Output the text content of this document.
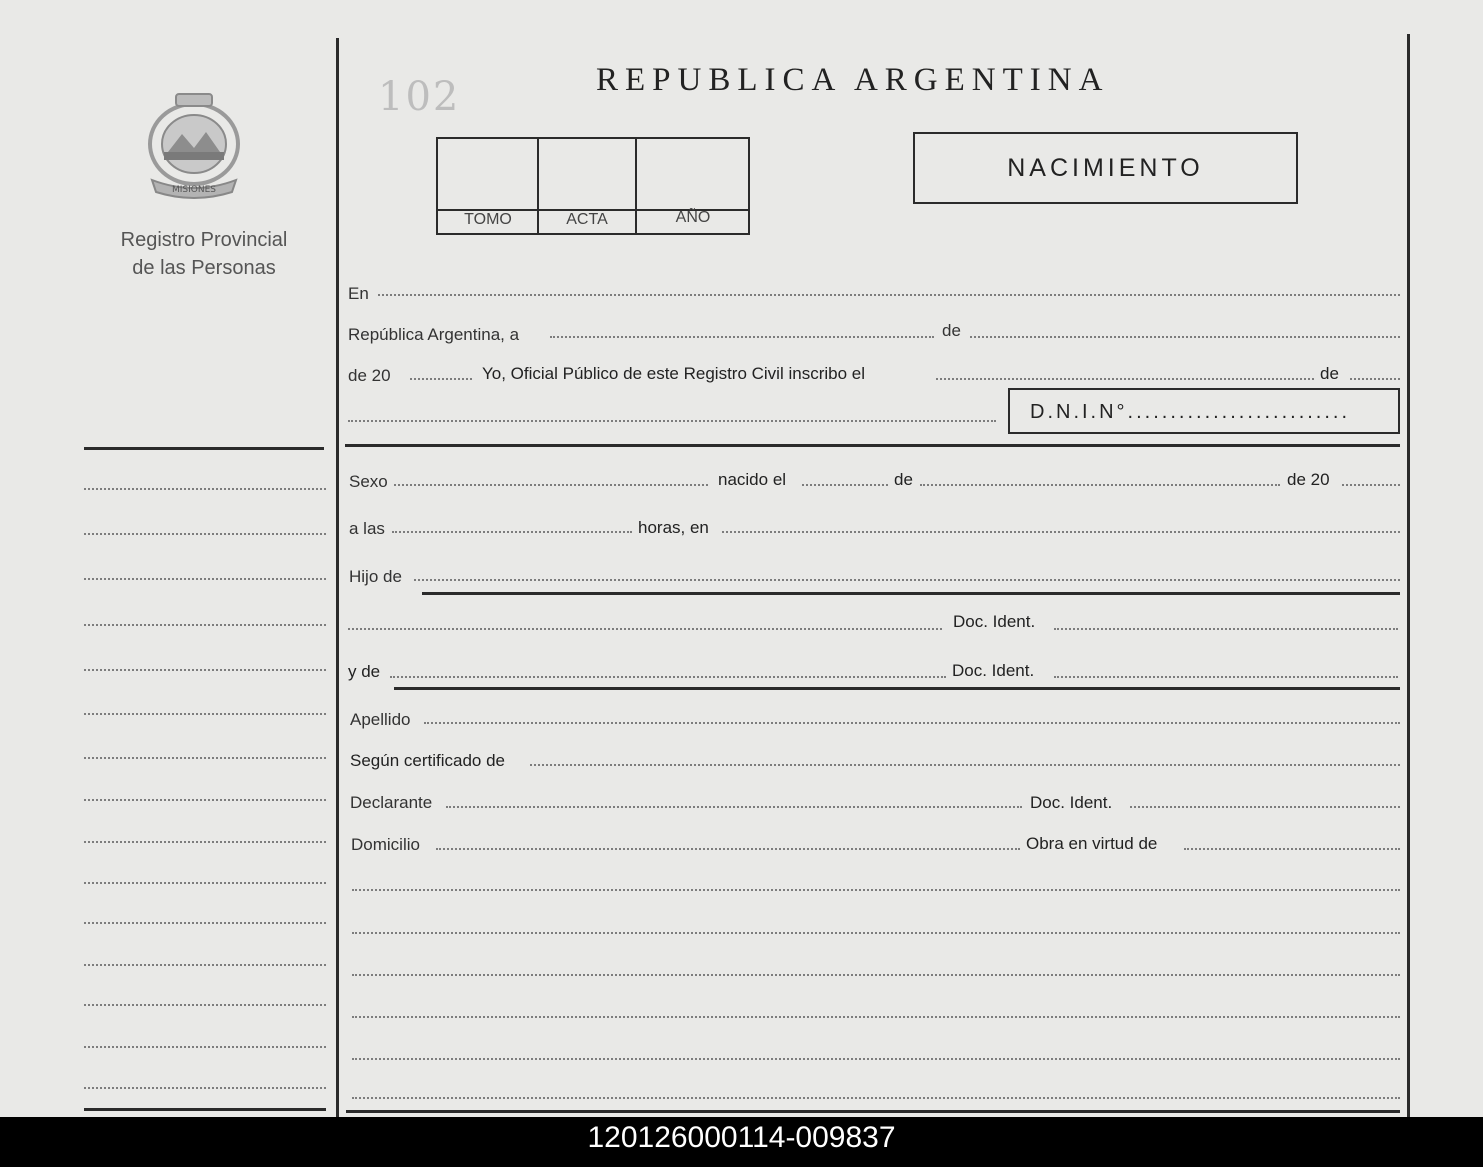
MISIONES
Registro Provincial
de las Personas
102	REPUBLICA ARGENTINA
TOMO	ACTA	AÑO
NACIMIENTO
En
República Argentina, a	de
de 20	Yo, Oficial Público de este Registro Civil inscribo el	de
D.N.I.N°..........................
Sexo	nacido el	de	de 20
a las	horas, en
Hijo de
Doc. Ident.
y de	Doc. Ident.
Apellido
Según certificado de
Declarante	Doc. Ident.
Domicilio	Obra en virtud de
120126000114-009837
